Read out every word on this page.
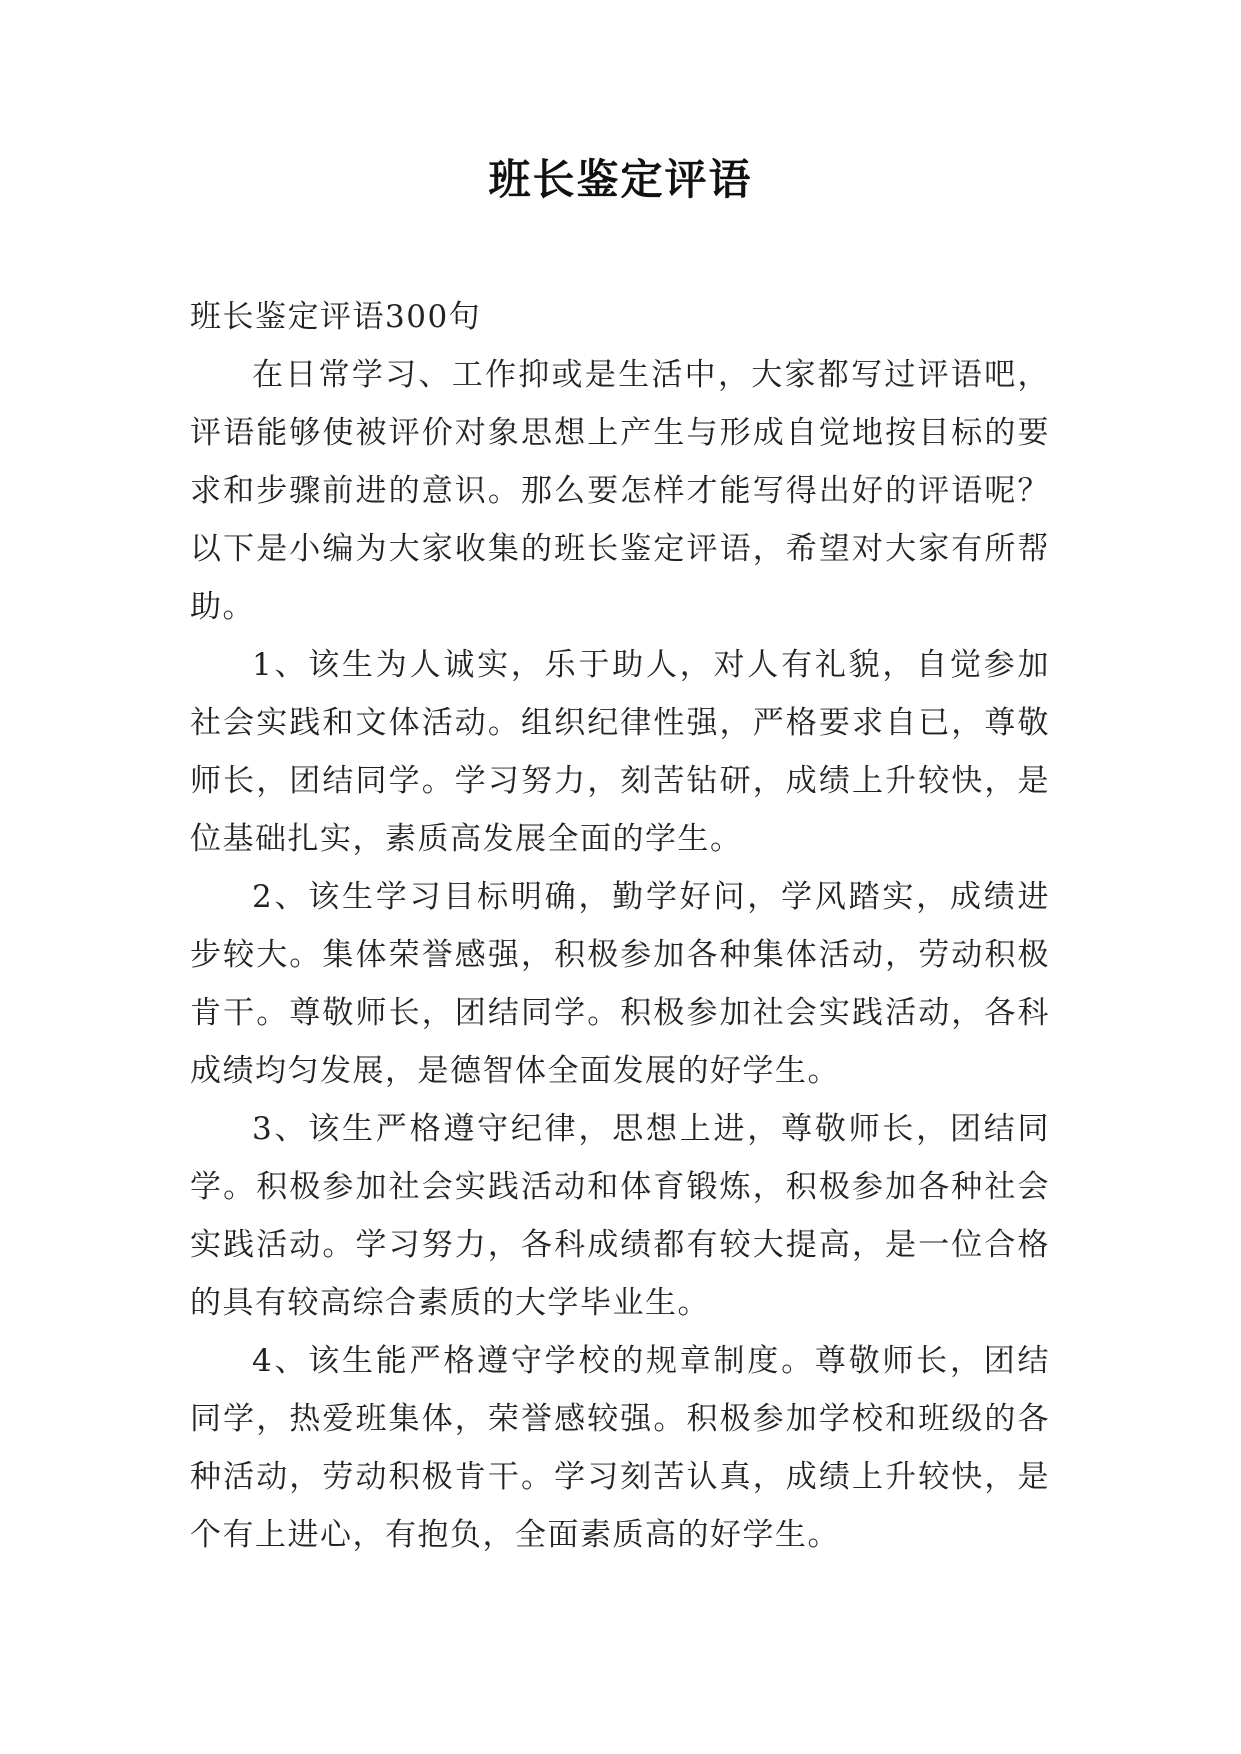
班长鉴定评语

班长鉴定评语300句

在日常学习、工作抑或是生活中，大家都写过评语吧，评语能够使被评价对象思想上产生与形成自觉地按目标的要求和步骤前进的意识。那么要怎样才能写得出好的评语呢？以下是小编为大家收集的班长鉴定评语，希望对大家有所帮助。

1、该生为人诚实，乐于助人，对人有礼貌，自觉参加社会实践和文体活动。组织纪律性强，严格要求自已，尊敬师长，团结同学。学习努力，刻苦钻研，成绩上升较快，是位基础扎实，素质高发展全面的学生。

2、该生学习目标明确，勤学好问，学风踏实，成绩进步较大。集体荣誉感强，积极参加各种集体活动，劳动积极肯干。尊敬师长，团结同学。积极参加社会实践活动，各科成绩均匀发展，是德智体全面发展的好学生。

3、该生严格遵守纪律，思想上进，尊敬师长，团结同学。积极参加社会实践活动和体育锻炼，积极参加各种社会实践活动。学习努力，各科成绩都有较大提高，是一位合格的具有较高综合素质的大学毕业生。

4、该生能严格遵守学校的规章制度。尊敬师长，团结同学，热爱班集体，荣誉感较强。积极参加学校和班级的各种活动，劳动积极肯干。学习刻苦认真，成绩上升较快，是个有上进心，有抱负，全面素质高的好学生。
